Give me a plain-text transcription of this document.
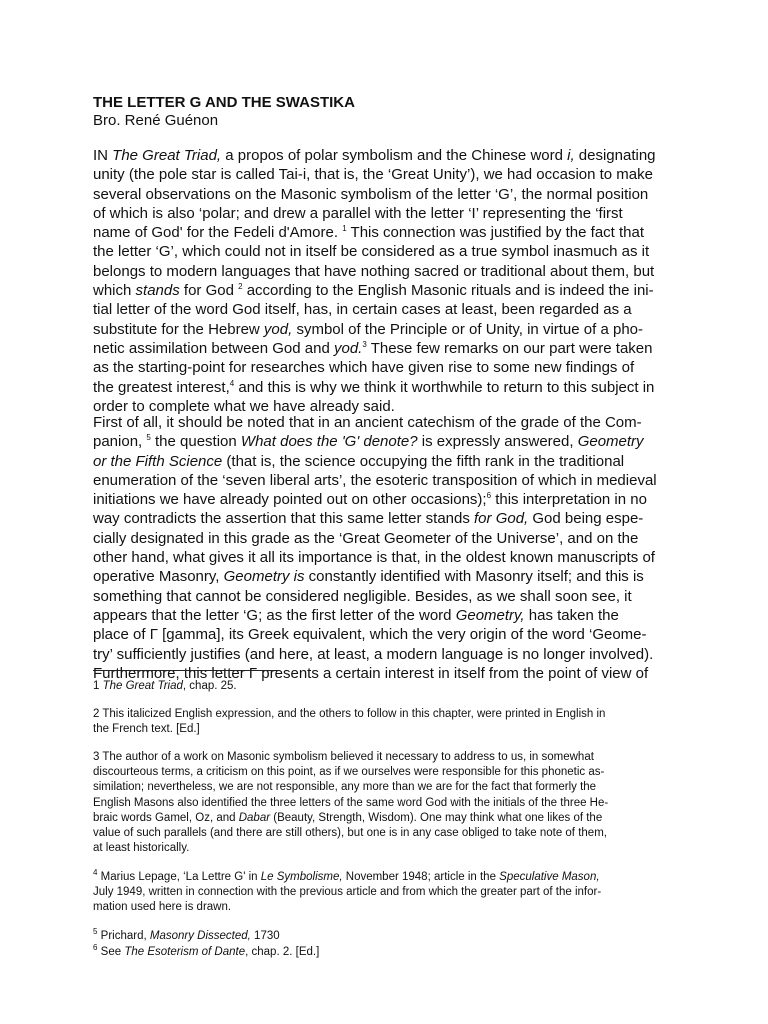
THE LETTER G AND THE SWASTIKA

Bro. René Guénon

IN The Great Triad, a propos of polar symbolism and the Chinese word i, designating
unity (the pole star is called Tai-i, that is, the ‘Great Unity’), we had occasion to make
several observations on the Masonic symbolism of the letter ‘G’, the normal position
of which is also ‘polar; and drew a parallel with the letter ‘I’ representing the ‘first
name of God' for the Fedeli d'Amore. $^1$ This connection was justified by the fact that
the letter ‘G’, which could not in itself be considered as a true symbol inasmuch as it
belongs to modern languages that have nothing sacred or traditional about them, but
which stands for God $^2$ according to the English Masonic rituals and is indeed the ini-
tial letter of the word God itself, has, in certain cases at least, been regarded as a
substitute for the Hebrew yod, symbol of the Principle or of Unity, in virtue of a pho-
netic assimilation between God and yod.$^3$ These few remarks on our part were taken
as the starting-point for researches which have given rise to some new findings of
the greatest interest,$^4$ and this is why we think it worthwhile to return to this subject in
order to complete what we have already said.

First of all, it should be noted that in an ancient catechism of the grade of the Com-
panion, $^5$ the question What does the 'G' denote? is expressly answered, Geometry
or the Fifth Science (that is, the science occupying the fifth rank in the traditional
enumeration of the ‘seven liberal arts’, the esoteric transposition of which in medieval
initiations we have already pointed out on other occasions);$^6$ this interpretation in no
way contradicts the assertion that this same letter stands for God, God being espe-
cially designated in this grade as the ‘Great Geometer of the Universe’, and on the
other hand, what gives it all its importance is that, in the oldest known manuscripts of
operative Masonry, Geometry is constantly identified with Masonry itself; and this is
something that cannot be considered negligible. Besides, as we shall soon see, it
appears that the letter ‘G; as the first letter of the word Geometry, has taken the
place of Γ [gamma], its Greek equivalent, which the very origin of the word ‘Geome-
try’ sufficiently justifies (and here, at least, a modern language is no longer involved).
Furthermore, this letter Γ presents a certain interest in itself from the point of view of

1 The Great Triad, chap. 25.

2 This italicized English expression, and the others to follow in this chapter, were printed in English in
the French text. [Ed.]

3 The author of a work on Masonic symbolism believed it necessary to address to us, in somewhat
discourteous terms, a criticism on this point, as if we ourselves were responsible for this phonetic as-
similation; nevertheless, we are not responsible, any more than we are for the fact that formerly the
English Masons also identified the three letters of the same word God with the initials of the three He-
braic words Gamel, Oz, and Dabar (Beauty, Strength, Wisdom). One may think what one likes of the
value of such parallels (and there are still others), but one is in any case obliged to take note of them,
at least historically.

$^4$ Marius Lepage, ‘La Lettre G' in Le Symbolisme, November 1948; article in the Speculative Mason,
July 1949, written in connection with the previous article and from which the greater part of the infor-
mation used here is drawn.

$^5$ Prichard, Masonry Dissected, 1730

$^6$ See The Esoterism of Dante, chap. 2. [Ed.]
